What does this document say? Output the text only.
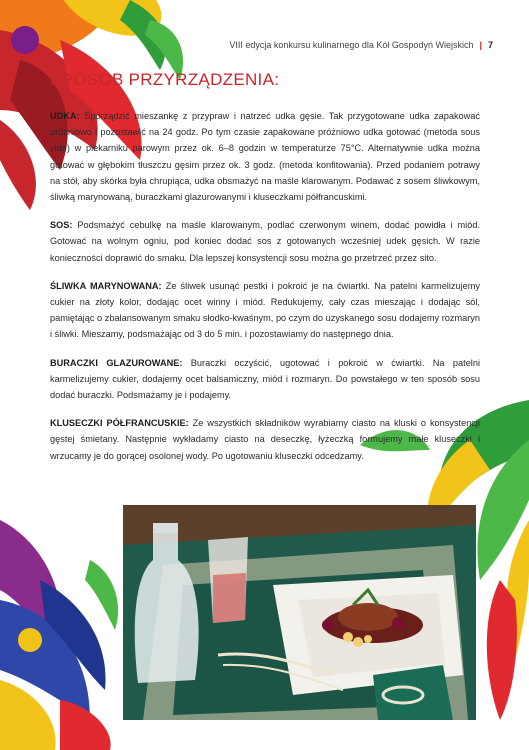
VIII edycja konkursu kulinarnego dla Kół Gospodyń Wiejskich | 7
SPOSÓB PRZYRZĄDZENIA:

UDKA: Sporządzić mieszankę z przypraw i natrzeć udka gęsie. Tak przygotowane udka zapakować próżniowo i pozostawić na 24 godz. Po tym czasie zapakowane próżniowo udka gotować (metoda sous vide) w piekarniku parowym przez ok. 6–8 godzin w temperaturze 75°C. Alternatywnie udka można gotować w głębokim tłuszczu gęsim przez ok. 3 godz. (metoda konfitowania). Przed podaniem potrawy na stół, aby skórka była chrupiąca, udka obsmażyć na maśle klarowanym. Podawać z sosem śliwkowym, śliwką marynowaną, buraczkami glazurowanymi i kluseczkami półfrancuskimi.

SOS: Podsmażyć cebulkę na maśle klarowanym, podlać czerwonym winem, dodać powidła i miód. Gotować na wolnym ogniu, pod koniec dodać sos z gotowanych wcześniej udek gęsich. W razie konieczności doprawić do smaku. Dla lepszej konsystencji sosu można go przetrzeć przez sito.

ŚLIWKA MARYNOWANA: Ze śliwek usunąć pestki i pokroić je na ćwiartki. Na patelni karmelizujemy cukier na złoty kolor, dodając ocet winny i miód. Redukujemy, cały czas mieszając i dodając sól, pamiętając o zbalansowanym smaku słodko-kwaśnym, po czym do uzyskanego sosu dodajemy rozmaryn i śliwki. Mieszamy, podsmażając od 3 do 5 min. i pozostawiamy do następnego dnia.

BURACZKI GLAZUROWANE: Buraczki oczyścić, ugotować i pokroić w ćwiartki. Na patelni karmelizujemy cukier, dodajemy ocet balsamiczny, miód i rozmaryn. Do powstałego w ten sposób sosu dodać buraczki. Podsmażamy je i podajemy.

KLUSECZKI PÓŁFRANCUSKIE: Ze wszystkich składników wyrabiamy ciasto na kluski o konsystencji gęstej śmietany. Następnie wykładamy ciasto na deseczkę, łyżeczką formujemy małe kluseczki i wrzucamy je do gorącej osolonej wody. Po ugotowaniu kluseczki odcedzamy.
